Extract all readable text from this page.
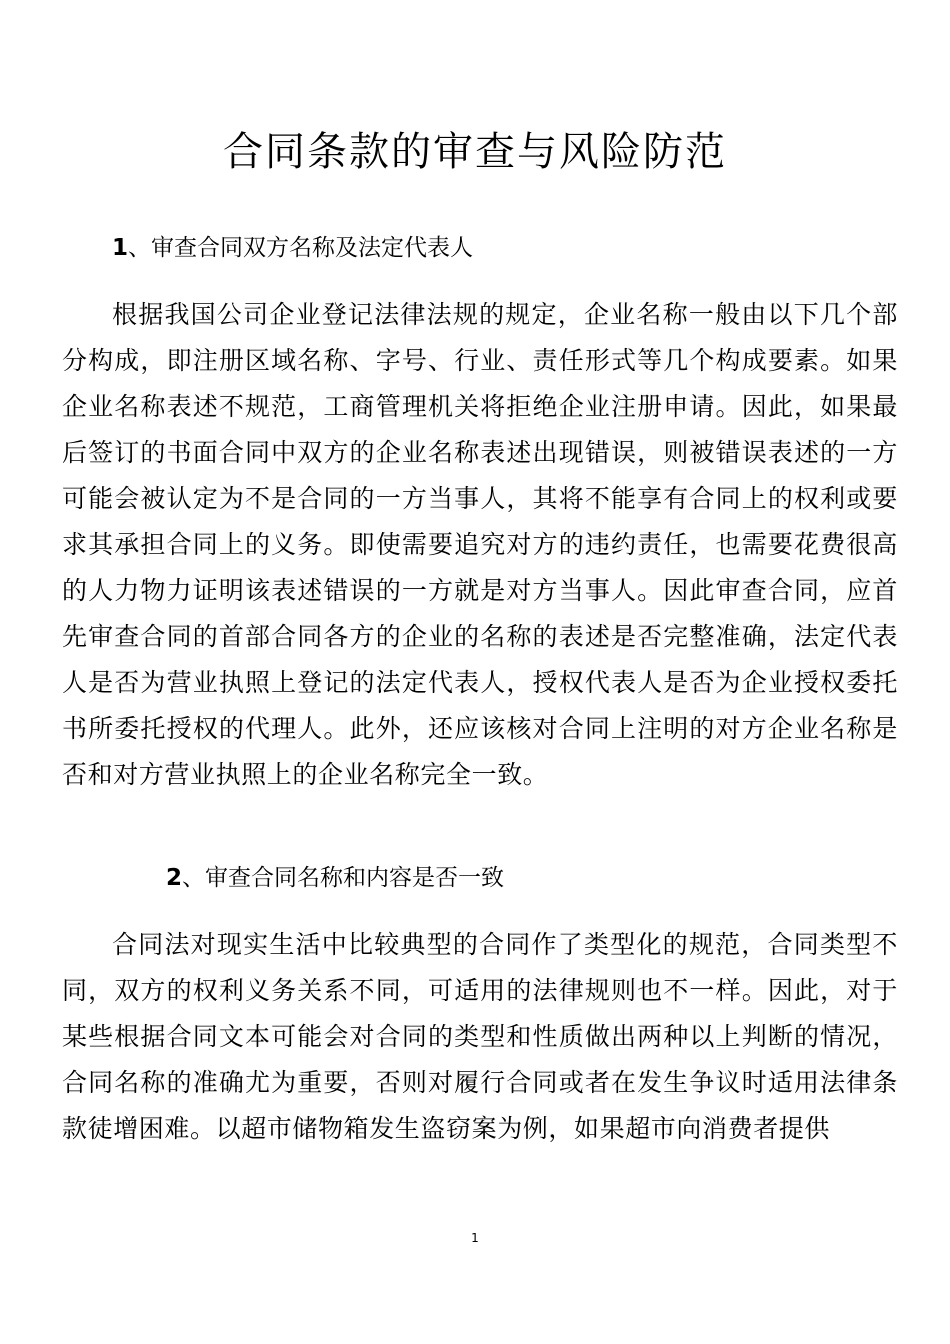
合同条款的审查与风险防范
1、审查合同双方名称及法定代表人

根据我国公司企业登记法律法规的规定，企业名称一般由以下几个部分构成，即注册区域名称、字号、行业、责任形式等几个构成要素。如果企业名称表述不规范，工商管理机关将拒绝企业注册申请。因此，如果最后签订的书面合同中双方的企业名称表述出现错误，则被错误表述的一方可能会被认定为不是合同的一方当事人，其将不能享有合同上的权利或要求其承担合同上的义务。即使需要追究对方的违约责任，也需要花费很高的人力物力证明该表述错误的一方就是对方当事人。因此审查合同，应首先审查合同的首部合同各方的企业的名称的表述是否完整准确，法定代表人是否为营业执照上登记的法定代表人，授权代表人是否为企业授权委托书所委托授权的代理人。此外，还应该核对合同上注明的对方企业名称是否和对方营业执照上的企业名称完全一致。

2、审查合同名称和内容是否一致

合同法对现实生活中比较典型的合同作了类型化的规范，合同类型不同，双方的权利义务关系不同，可适用的法律规则也不一样。因此，对于某些根据合同文本可能会对合同的类型和性质做出两种以上判断的情况，合同名称的准确尤为重要，否则对履行合同或者在发生争议时适用法律条款徒增困难。以超市储物箱发生盗窃案为例，如果超市向消费者提供

1
